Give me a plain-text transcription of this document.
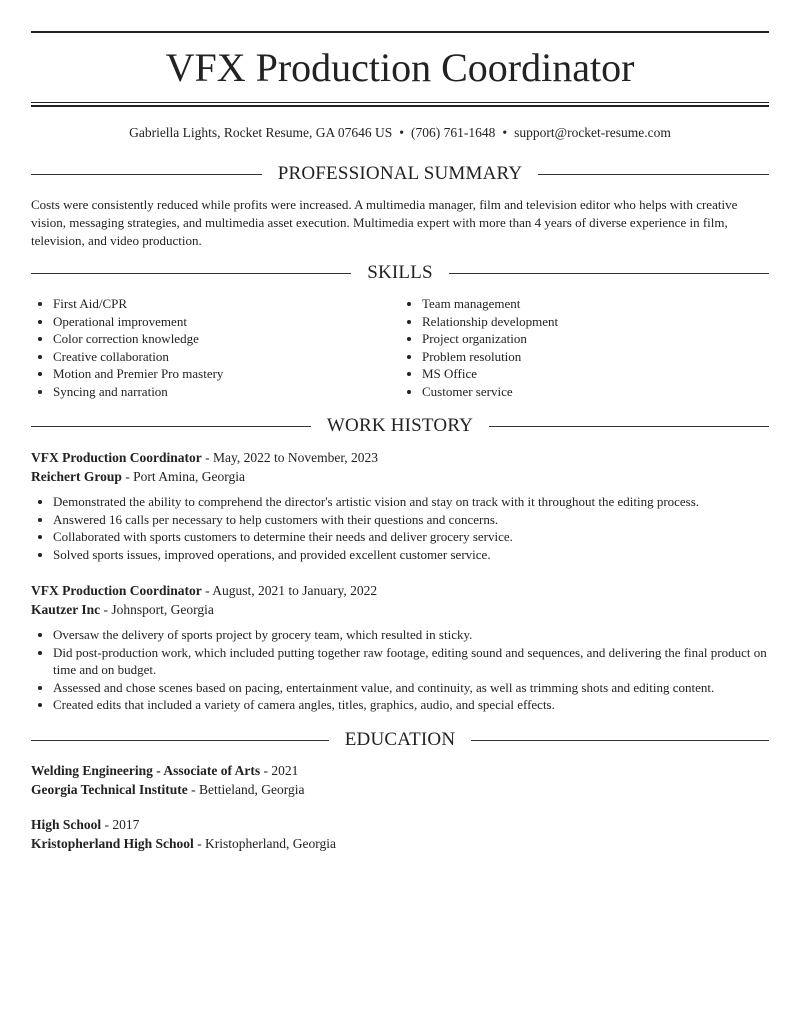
VFX Production Coordinator
Gabriella Lights, Rocket Resume, GA 07646 US • (706) 761-1648 • support@rocket-resume.com
PROFESSIONAL SUMMARY
Costs were consistently reduced while profits were increased. A multimedia manager, film and television editor who helps with creative vision, messaging strategies, and multimedia asset execution. Multimedia expert with more than 4 years of diverse experience in film, television, and video production.
SKILLS
• First Aid/CPR
• Operational improvement
• Color correction knowledge
• Creative collaboration
• Motion and Premier Pro mastery
• Syncing and narration
• Team management
• Relationship development
• Project organization
• Problem resolution
• MS Office
• Customer service
WORK HISTORY
VFX Production Coordinator - May, 2022 to November, 2023
Reichert Group - Port Amina, Georgia
• Demonstrated the ability to comprehend the director's artistic vision and stay on track with it throughout the editing process.
• Answered 16 calls per necessary to help customers with their questions and concerns.
• Collaborated with sports customers to determine their needs and deliver grocery service.
• Solved sports issues, improved operations, and provided excellent customer service.
VFX Production Coordinator - August, 2021 to January, 2022
Kautzer Inc - Johnsport, Georgia
• Oversaw the delivery of sports project by grocery team, which resulted in sticky.
• Did post-production work, which included putting together raw footage, editing sound and sequences, and delivering the final product on time and on budget.
• Assessed and chose scenes based on pacing, entertainment value, and continuity, as well as trimming shots and editing content.
• Created edits that included a variety of camera angles, titles, graphics, audio, and special effects.
EDUCATION
Welding Engineering - Associate of Arts - 2021
Georgia Technical Institute - Bettieland, Georgia
High School - 2017
Kristopherland High School - Kristopherland, Georgia
